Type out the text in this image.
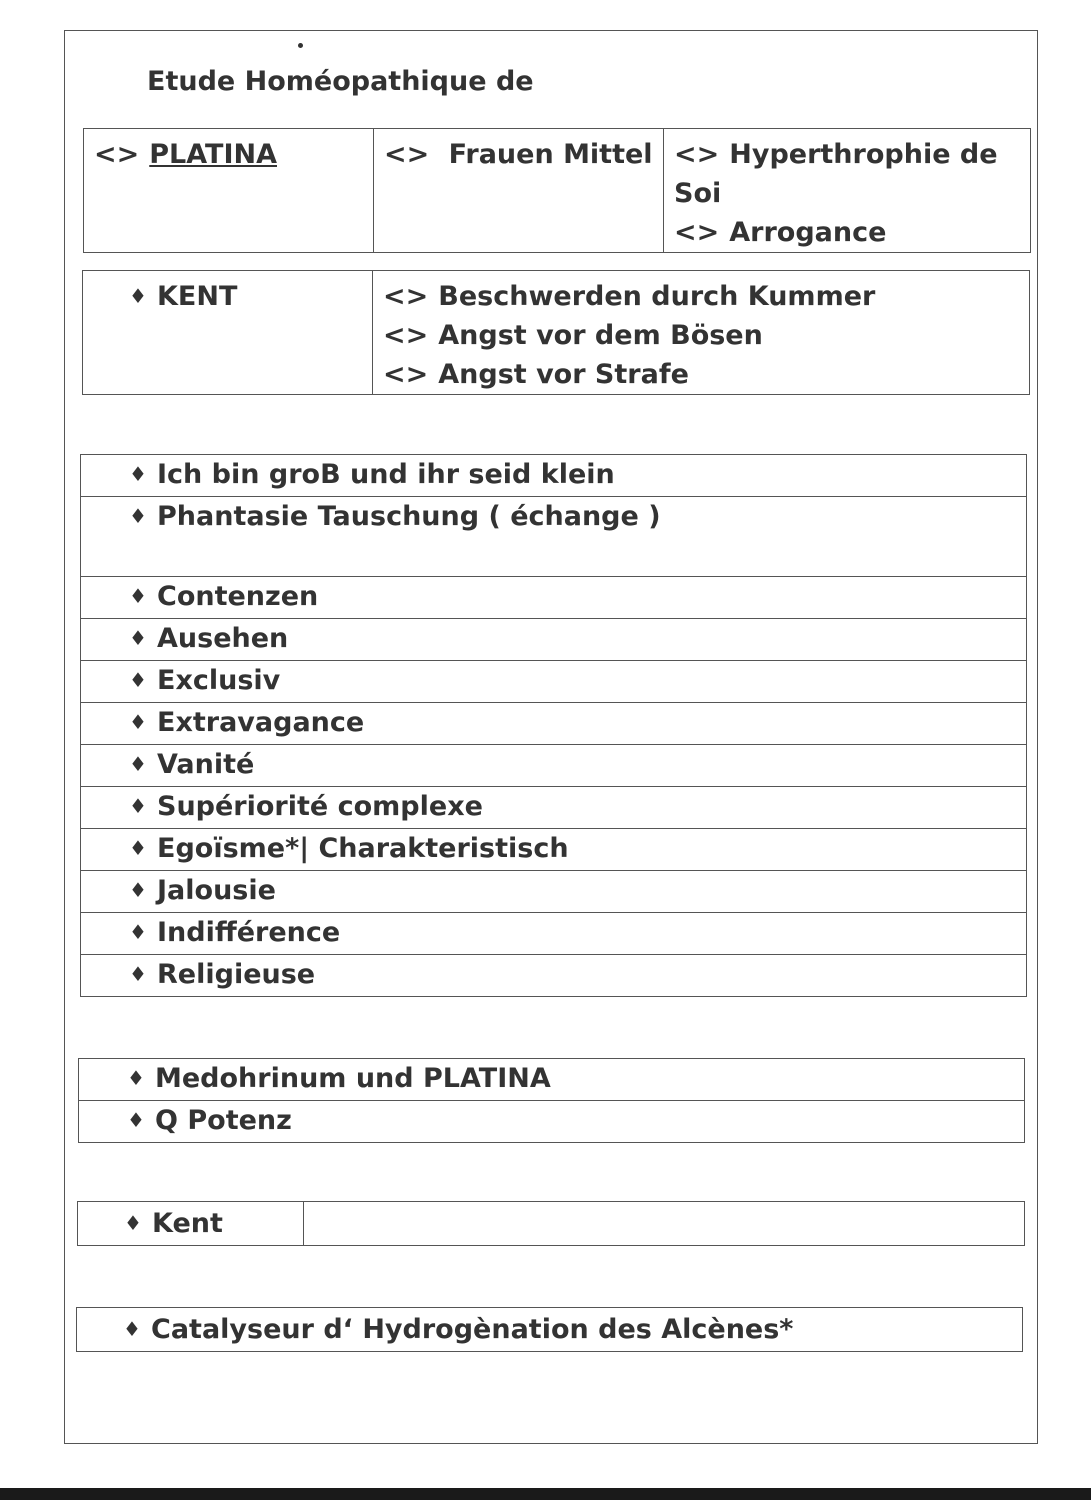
Etude Homéopathique de
<> PLATINA	<> Frauen Mittel	<> Hyperthrophie de Soi
<> Arrogance
♦ KENT	<> Beschwerden durch Kummer
<> Angst vor dem Bösen
<> Angst vor Strafe
♦ Ich bin groB und ihr seid klein

♦ Phantasie Tauschung ( échange )

♦ Contenzen

♦ Ausehen

♦ Exclusiv

♦ Extravagance

♦ Vanité

♦ Supériorité complexe

♦ Egoïsme*| Charakteristisch

♦ Jalousie

♦ Indifférence

♦ Religieuse
♦ Medohrinum und PLATINA

♦ Q Potenz
♦ Kent

♦ Catalyseur d‘ Hydrogènation des Alcènes*
